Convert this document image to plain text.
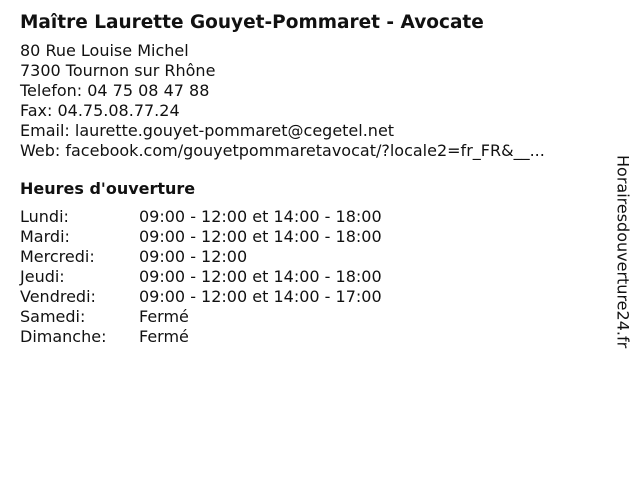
Maître Laurette Gouyet-Pommaret - Avocate
80 Rue Louise Michel
7300 Tournon sur Rhône
Telefon: 04 75 08 47 88
Fax: 04.75.08.77.24
Email: laurette.gouyet-pommaret@cegetel.net
Web: facebook.com/gouyetpommaretavocat/?locale2=fr_FR&__...
Heures d'ouverture
Lundi:	09:00 - 12:00 et 14:00 - 18:00
Mardi:	09:00 - 12:00 et 14:00 - 18:00
Mercredi:	09:00 - 12:00
Jeudi:	09:00 - 12:00 et 14:00 - 18:00
Vendredi:	09:00 - 12:00 et 14:00 - 17:00
Samedi:	Fermé
Dimanche:	Fermé	Horairesdouverture24.fr
